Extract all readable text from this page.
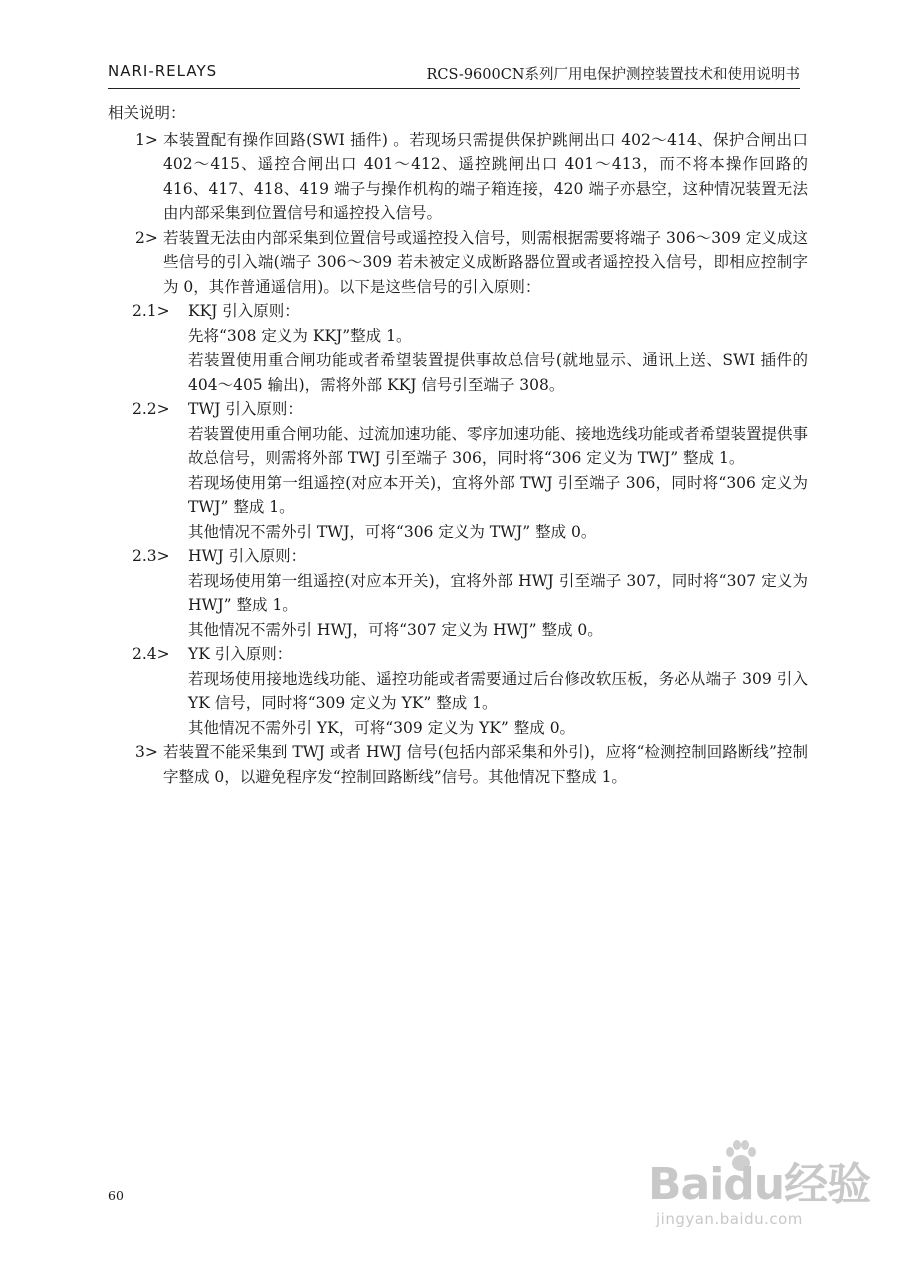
NARI-RELAYS	RCS-9600CN系列厂用电保护测控装置技术和使用说明书
相关说明：
1> 本装置配有操作回路(SWI 插件) 。若现场只需提供保护跳闸出口 402～414、保护合闸出口 402～415、遥控合闸出口 401～412、遥控跳闸出口 401～413，而不将本操作回路的 416、417、418、419 端子与操作机构的端子箱连接，420 端子亦悬空，这种情况装置无法由内部采集到位置信号和遥控投入信号。

2> 若装置无法由内部采集到位置信号或遥控投入信号，则需根据需要将端子 306～309 定义成这些信号的引入端(端子 306～309 若未被定义成断路器位置或者遥控投入信号，即相应控制字为 0，其作普通遥信用)。以下是这些信号的引入原则：

2.1> KKJ 引入原则：

先将“308 定义为 KKJ”整成 1。

若装置使用重合闸功能或者希望装置提供事故总信号(就地显示、通讯上送、SWI 插件的 404～405 输出)，需将外部 KKJ 信号引至端子 308。

2.2> TWJ 引入原则：

若装置使用重合闸功能、过流加速功能、零序加速功能、接地选线功能或者希望装置提供事故总信号，则需将外部 TWJ 引至端子 306，同时将“306 定义为 TWJ” 整成 1。

若现场使用第一组遥控(对应本开关)，宜将外部 TWJ 引至端子 306，同时将“306 定义为 TWJ” 整成 1。

其他情况不需外引 TWJ，可将“306 定义为 TWJ” 整成 0。

2.3> HWJ 引入原则：

若现场使用第一组遥控(对应本开关)，宜将外部 HWJ 引至端子 307，同时将“307 定义为 HWJ” 整成 1。

其他情况不需外引 HWJ，可将“307 定义为 HWJ” 整成 0。

2.4> YK 引入原则：

若现场使用接地选线功能、遥控功能或者需要通过后台修改软压板，务必从端子 309 引入 YK 信号，同时将“309 定义为 YK” 整成 1。

其他情况不需外引 YK，可将“309 定义为 YK” 整成 0。

3> 若装置不能采集到 TWJ 或者 HWJ 信号(包括内部采集和外引)，应将“检测控制回路断线”控制字整成 0，以避免程序发“控制回路断线”信号。其他情况下整成 1。

60	Baidu经验
jingyan.baidu.com
